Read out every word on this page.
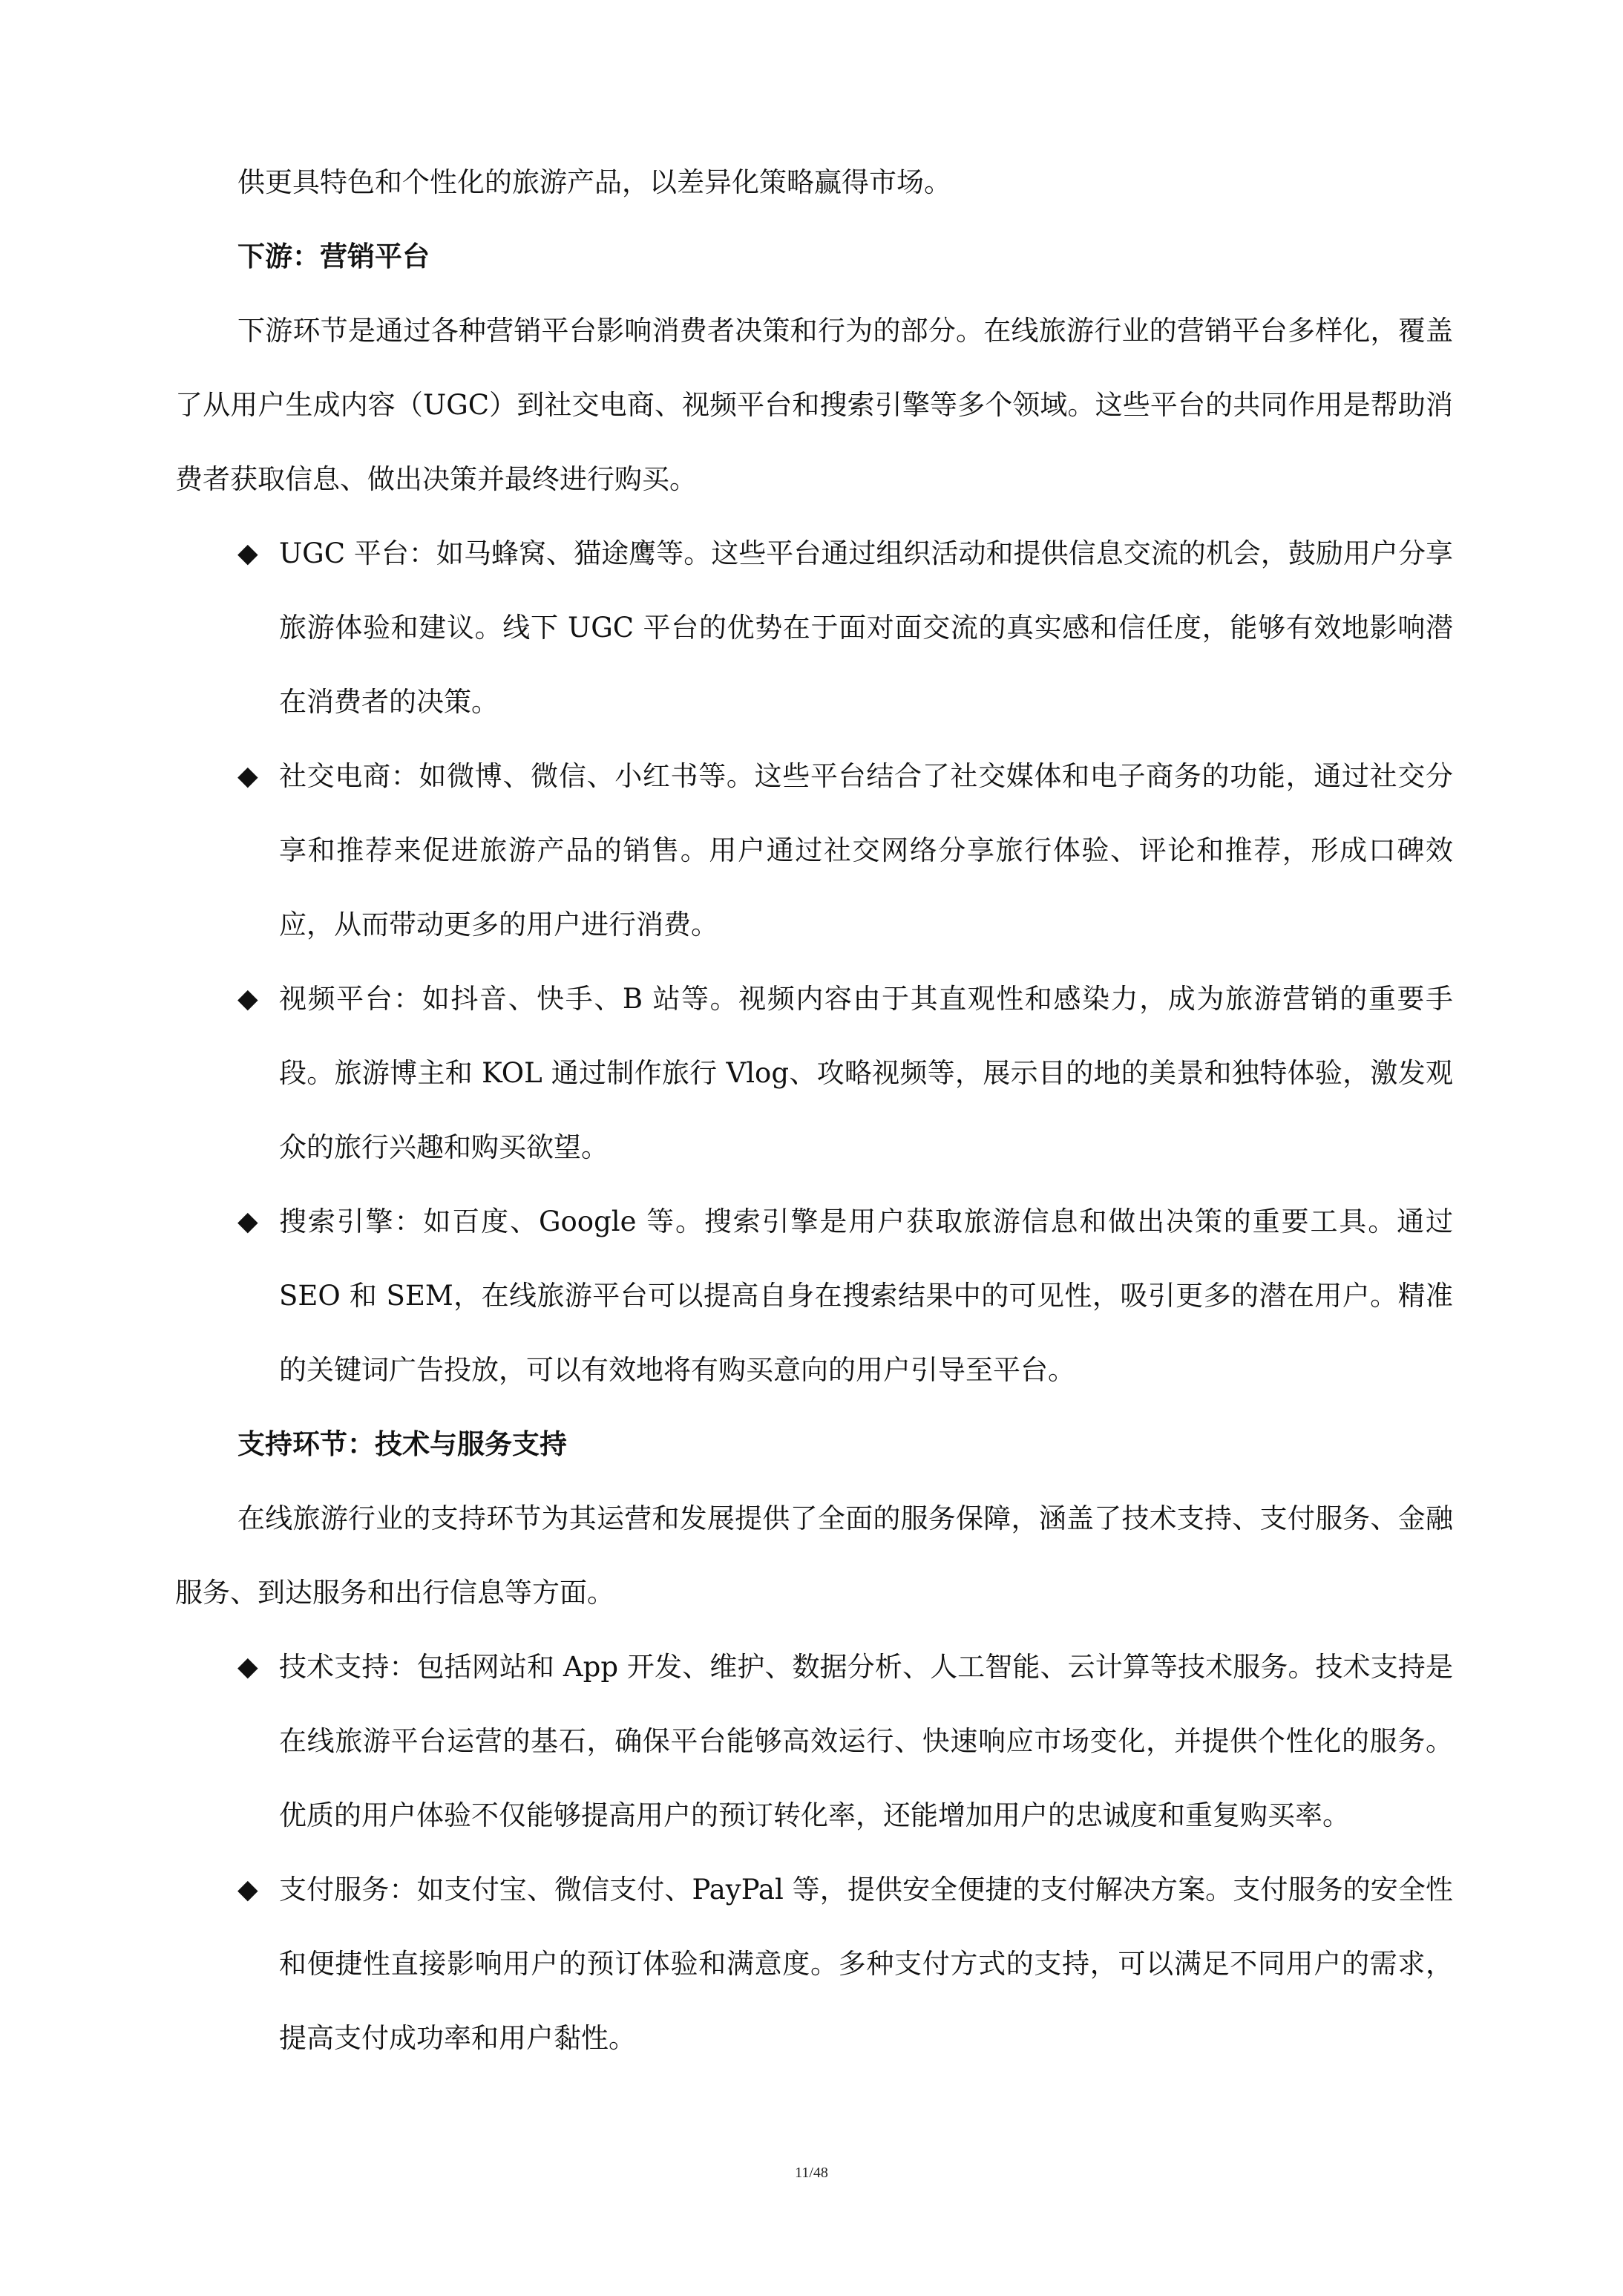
供更具特色和个性化的旅游产品，以差异化策略赢得市场。

下游：营销平台

下游环节是通过各种营销平台影响消费者决策和行为的部分。在线旅游行业的营销平台多样化，覆盖了从用户生成内容（UGC）到社交电商、视频平台和搜索引擎等多个领域。这些平台的共同作用是帮助消费者获取信息、做出决策并最终进行购买。

◆ UGC 平台：如马蜂窝、猫途鹰等。这些平台通过组织活动和提供信息交流的机会，鼓励用户分享旅游体验和建议。线下 UGC 平台的优势在于面对面交流的真实感和信任度，能够有效地影响潜在消费者的决策。
◆ 社交电商：如微博、微信、小红书等。这些平台结合了社交媒体和电子商务的功能，通过社交分享和推荐来促进旅游产品的销售。用户通过社交网络分享旅行体验、评论和推荐，形成口碑效应，从而带动更多的用户进行消费。
◆ 视频平台：如抖音、快手、B 站等。视频内容由于其直观性和感染力，成为旅游营销的重要手段。旅游博主和 KOL 通过制作旅行 Vlog、攻略视频等，展示目的地的美景和独特体验，激发观众的旅行兴趣和购买欲望。
◆ 搜索引擎：如百度、Google 等。搜索引擎是用户获取旅游信息和做出决策的重要工具。通过 SEO 和 SEM，在线旅游平台可以提高自身在搜索结果中的可见性，吸引更多的潜在用户。精准的关键词广告投放，可以有效地将有购买意向的用户引导至平台。

支持环节：技术与服务支持

在线旅游行业的支持环节为其运营和发展提供了全面的服务保障，涵盖了技术支持、支付服务、金融服务、到达服务和出行信息等方面。

◆ 技术支持：包括网站和 App 开发、维护、数据分析、人工智能、云计算等技术服务。技术支持是在线旅游平台运营的基石，确保平台能够高效运行、快速响应市场变化，并提供个性化的服务。优质的用户体验不仅能够提高用户的预订转化率，还能增加用户的忠诚度和重复购买率。
◆ 支付服务：如支付宝、微信支付、PayPal 等，提供安全便捷的支付解决方案。支付服务的安全性和便捷性直接影响用户的预订体验和满意度。多种支付方式的支持，可以满足不同用户的需求，提高支付成功率和用户黏性。
11/48
